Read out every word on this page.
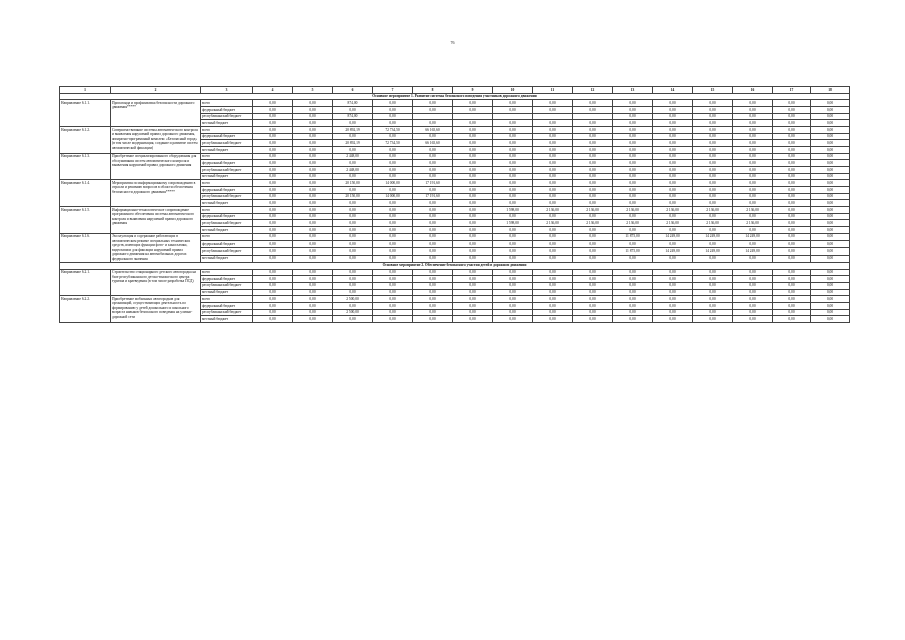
76
1	2	3	4	5	6	7	8	9	10	11	12	13	14	15	16	17	18
Основное мероприятие 1. Развитие системы безопасного поведения участников дорожного движения																	
Направление 6.1.1.	Пропаганда и профилактика безопасности дорожного движения*****	всего	0,00	0,00	874,00	0,00	0,00	0,00	0,00	0,00	0,00	0,00	0,00	0,00	0,00	0,00	0,00
		федеральный бюджет	0,00	0,00	0,00	0,00	0,00	0,00	0,00	0,00	0,00	0,00	0,00	0,00	0,00	0,00	0,00
		республиканский бюджет	0,00	0,00	874,00	0,00						0,00	0,00	0,00	0,00	0,00	0,00
		местный бюджет	0,00	0,00	0,00	0,00	0,00	0,00	0,00	0,00	0,00	0,00	0,00	0,00	0,00	0,00	0,00
Направление 6.1.2.	Совершенствование системы автоматического контроля и выявления нарушений правил дорожного движения, аппаратно-программный комплекс «Безопасный город» (в том числе модернизация, создание и развитие систем автоматической фиксации)	всего	0,00	0,00	20 892,19	72 734,50	66 165,60	0,00	0,00	0,00	0,00	0,00	0,00	0,00	0,00	0,00	0,00
		федеральный бюджет	0,00	0,00	0,00	0,00	0,00	0,00	0,00	0,00	0,00	0,00	0,00	0,00	0,00	0,00	0,00
		республиканский бюджет	0,00	0,00	20 892,19	72 734,50	66 165,60	0,00	0,00	0,00	0,00	0,00	0,00	0,00	0,00	0,00	0,00
		местный бюджет	0,00	0,00	0,00	0,00	0,00	0,00	0,00	0,00	0,00	0,00	0,00	0,00	0,00	0,00	0,00
Направление 6.1.3.	Приобретение специализированного оборудования для обслуживания систем автоматического контроля и выявления нарушений правил дорожного движения	всего	0,00	0,00	2 448,00	0,00	0,00	0,00	0,00	0,00	0,00	0,00	0,00	0,00	0,00	0,00	0,00
		федеральный бюджет	0,00	0,00	0,00	0,00	0,00	0,00	0,00	0,00	0,00	0,00	0,00	0,00	0,00	0,00	0,00
		республиканский бюджет	0,00	0,00	2 448,00	0,00	0,00	0,00	0,00	0,00	0,00	0,00	0,00	0,00	0,00	0,00	0,00
		местный бюджет	0,00	0,00	0,00	0,00	0,00	0,00	0,00	0,00	0,00	0,00	0,00	0,00	0,00	0,00	0,00
Направление 6.1.4.	Мероприятия по информационному сопровождению в отрасли и решению вопросов в области обеспечения безопасности дорожного движения*****	всего	0,00	0,00	20 150,00	14 000,00	17 191,60	0,00	0,00	0,00	0,00	0,00	0,00	0,00	0,00	0,00	0,00
		федеральный бюджет	0,00	0,00	0,00	0,00	0,00	0,00	0,00	0,00	0,00	0,00	0,00	0,00	0,00	0,00	0,00
		республиканский бюджет	0,00	0,00	20 150,00	14 000,00	17 191,60	0,00	0,00	0,00	0,00	0,00	0,00	0,00	0,00	0,00	0,00
		местный бюджет	0,00	0,00	0,00	0,00	0,00	0,00	0,00	0,00	0,00	0,00	0,00	0,00	0,00	0,00	0,00
Направление 6.1.5.	Информационно-технологическое сопровождение программного обеспечения системы автоматического контроля и выявления нарушений правил дорожного движения	всего	0,00	0,00	0,00	0,00	0,00	0,00	1 598,00	2 136,00	2 136,00	2 136,00	2 136,00	2 136,00	2 136,00	0,00	0,00
		федеральный бюджет	0,00	0,00	0,00	0,00	0,00	0,00	0,00	0,00	0,00	0,00	0,00	0,00	0,00	0,00	0,00
		республиканский бюджет	0,00	0,00	0,00	0,00	0,00	0,00	1 598,00	2 136,00	2 136,00	2 136,00	2 136,00	2 136,00	2 136,00	0,00	0,00
		местный бюджет	0,00	0,00	0,00	0,00	0,00	0,00	0,00	0,00	0,00	0,00	0,00	0,00	0,00	0,00	0,00
Направление 6.1.6.	Эксплуатация и содержание работающих в автоматическом режиме специальных технических средств, имеющих функции фото- и киносъемки, видеозаписи для фиксации нарушений правил дорожного движения на автомобильных дорогах федерального значения	всего	0,00	0,00	0,00	0,00	0,00	0,00	0,00	0,00	0,00	11 875,00	14 249,00	14 249,00	14 249,00	0,00	0,00
		федеральный бюджет	0,00	0,00	0,00	0,00	0,00	0,00	0,00	0,00	0,00	0,00	0,00	0,00	0,00	0,00	0,00
		республиканский бюджет	0,00	0,00	0,00	0,00	0,00	0,00	0,00	0,00	0,00	11 875,00	14 249,00	14 249,00	14 249,00	0,00	0,00
		местный бюджет	0,00	0,00	0,00	0,00	0,00	0,00	0,00	0,00	0,00	0,00	0,00	0,00	0,00	0,00	0,00
Основное мероприятие 2. Обеспечение безопасного участия детей в дорожном движении																	
Направление 6.2.1.	Строительство стационарного детского автогородка на базе республиканского детско-юношеского центра туризма и краеведения (в том числе разработка ПСД)	всего	0,00	0,00	0,00	0,00	0,00	0,00	0,00	0,00	0,00	0,00	0,00	0,00	0,00	0,00	0,00
		федеральный бюджет	0,00	0,00	0,00	0,00	0,00	0,00	0,00	0,00	0,00	0,00	0,00	0,00	0,00	0,00	0,00
		республиканский бюджет	0,00	0,00	0,00	0,00	0,00	0,00	0,00	0,00	0,00	0,00	0,00	0,00	0,00	0,00	0,00
		местный бюджет	0,00	0,00	0,00	0,00	0,00	0,00	0,00	0,00	0,00	0,00	0,00	0,00	0,00	0,00	0,00
Направление 6.2.2.	Приобретение мобильных автогородков для организаций, осуществляющих деятельность по формированию у детей дошкольного и школьного возраста навыков безопасного поведения на улично-дорожной сети	всего	0,00	0,00	2 500,00	0,00	0,00	0,00	0,00	0,00	0,00	0,00	0,00	0,00	0,00	0,00	0,00
		федеральный бюджет	0,00	0,00	0,00	0,00	0,00	0,00	0,00	0,00	0,00	0,00	0,00	0,00	0,00	0,00	0,00
		республиканский бюджет	0,00	0,00	2 500,00	0,00	0,00	0,00	0,00	0,00	0,00	0,00	0,00	0,00	0,00	0,00	0,00
		местный бюджет	0,00	0,00	0,00	0,00	0,00	0,00	0,00	0,00	0,00	0,00	0,00	0,00	0,00	0,00	0,00
